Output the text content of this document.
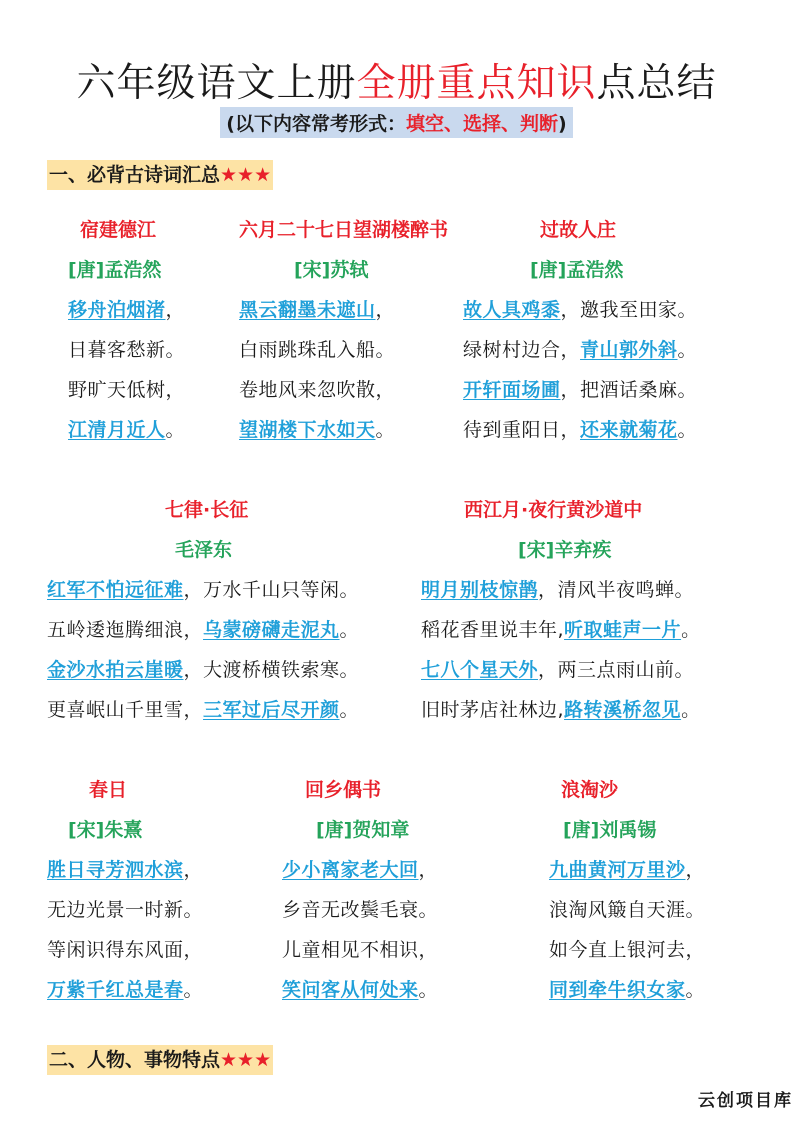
六年级语文上册全册重点知识点总结
(以下内容常考形式：填空、选择、判断)
一、必背古诗词汇总★★★
二、人物、事物特点★★★
宿建德江
[唐]孟浩然
移舟泊烟渚，
日暮客愁新。
野旷天低树，
江清月近人。
六月二十七日望湖楼醉书
[宋]苏轼
黑云翻墨未遮山，
白雨跳珠乱入船。
卷地风来忽吹散，
望湖楼下水如天。
过故人庄
[唐]孟浩然
故人具鸡黍，邀我至田家。
绿树村边合，青山郭外斜。
开轩面场圃，把酒话桑麻。
待到重阳日，还来就菊花。
七律·长征
毛泽东
红军不怕远征难，万水千山只等闲。
五岭逶迤腾细浪，乌蒙磅礴走泥丸。
金沙水拍云崖暖，大渡桥横铁索寒。
更喜岷山千里雪，三军过后尽开颜。
西江月·夜行黄沙道中
[宋]辛弃疾
明月别枝惊鹊，清风半夜鸣蝉。
稻花香里说丰年,听取蛙声一片。
七八个星天外，两三点雨山前。
旧时茅店社林边,路转溪桥忽见。
春日
[宋]朱熹
胜日寻芳泗水滨，
无边光景一时新。
等闲识得东风面，
万紫千红总是春。
回乡偶书
[唐]贺知章
少小离家老大回，
乡音无改鬓毛衰。
儿童相见不相识，
笑问客从何处来。
浪淘沙
[唐]刘禹锡
九曲黄河万里沙，
浪淘风簸自天涯。
如今直上银河去，
同到牵牛织女家。
云创项目库
